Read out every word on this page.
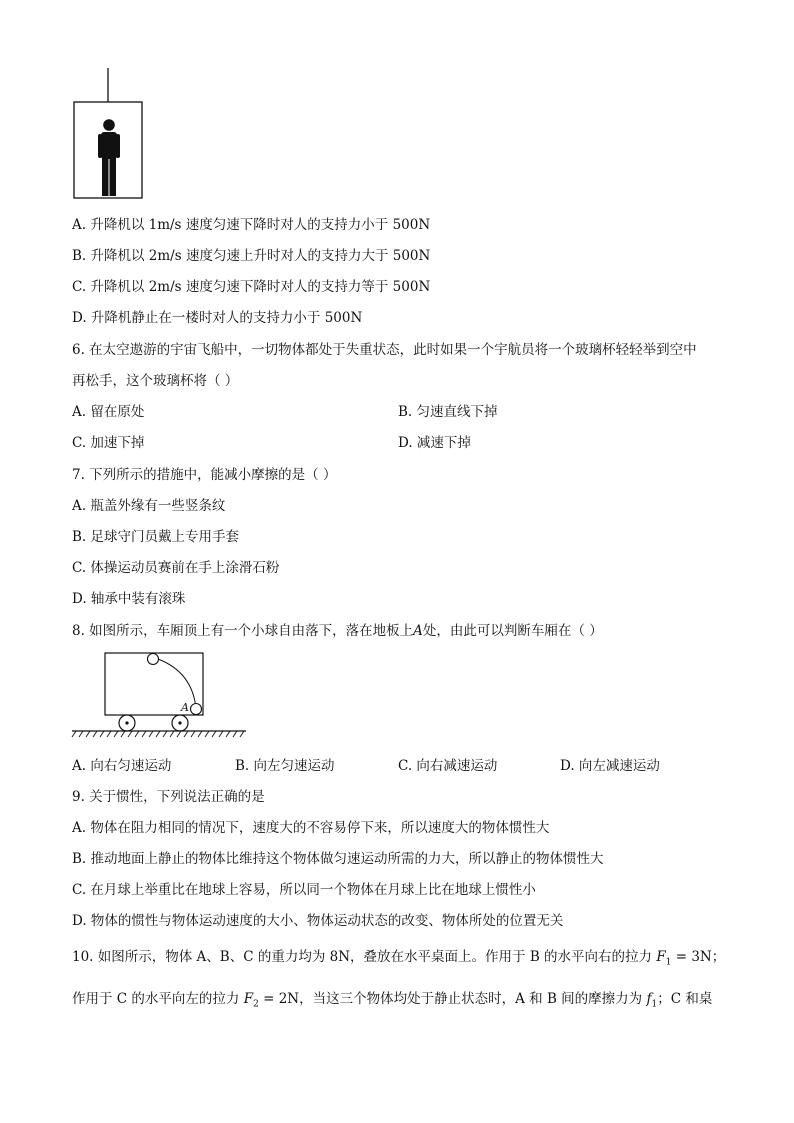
A. 升降机以 1m/s 速度匀速下降时对人的支持力小于 500N
B. 升降机以 2m/s 速度匀速上升时对人的支持力大于 500N
C. 升降机以 2m/s 速度匀速下降时对人的支持力等于 500N
D. 升降机静止在一楼时对人的支持力小于 500N
6. 在太空遨游的宇宙飞船中，一切物体都处于失重状态，此时如果一个宇航员将一个玻璃杯轻轻举到空中
再松手，这个玻璃杯将（ ）
A. 留在原处	B. 匀速直线下掉
C. 加速下掉	D. 减速下掉
7. 下列所示的措施中，能减小摩擦的是（ ）
A. 瓶盖外缘有一些竖条纹
B. 足球守门员戴上专用手套
C. 体操运动员赛前在手上涂滑石粉
D. 轴承中装有滚珠
8. 如图所示，车厢顶上有一个小球自由落下，落在地板上A处，由此可以判断车厢在（ ）
A
A. 向右匀速运动	B. 向左匀速运动	C. 向右减速运动	D. 向左减速运动
9. 关于惯性，下列说法正确的是
A. 物体在阻力相同的情况下，速度大的不容易停下来，所以速度大的物体惯性大
B. 推动地面上静止的物体比维持这个物体做匀速运动所需的力大，所以静止的物体惯性大
C. 在月球上举重比在地球上容易，所以同一个物体在月球上比在地球上惯性小
D. 物体的惯性与物体运动速度的大小、物体运动状态的改变、物体所处的位置无关
10. 如图所示，物体 A、B、C 的重力均为 8N，叠放在水平桌面上。作用于 B 的水平向右的拉力 $F_1 = 3N$；
作用于 C 的水平向左的拉力 $F_2 = 2N$，当这三个物体均处于静止状态时，A 和 B 间的摩擦力为 $f_1$；C 和桌
